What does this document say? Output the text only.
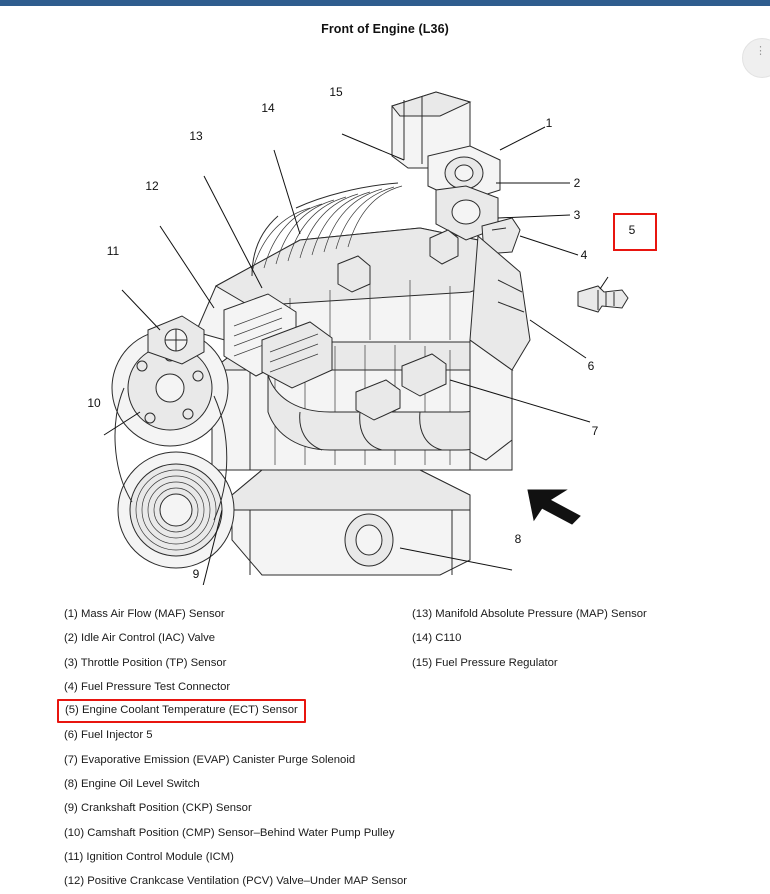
Front of Engine (L36)
⋮
1
2
3
4
5
6
7
8
9
10
11
12
13
14
15
(1) Mass Air Flow (MAF) Sensor
(2) Idle Air Control (IAC) Valve
(3) Throttle Position (TP) Sensor
(4) Fuel Pressure Test Connector
(5) Engine Coolant Temperature (ECT) Sensor
(6) Fuel Injector 5
(7) Evaporative Emission (EVAP) Canister Purge Solenoid
(8) Engine Oil Level Switch
(9) Crankshaft Position (CKP) Sensor
(10) Camshaft Position (CMP) Sensor–Behind Water Pump Pulley
(11) Ignition Control Module (ICM)
(12) Positive Crankcase Ventilation (PCV) Valve–Under MAP Sensor
(13) Manifold Absolute Pressure (MAP) Sensor
(14) C110
(15) Fuel Pressure Regulator
